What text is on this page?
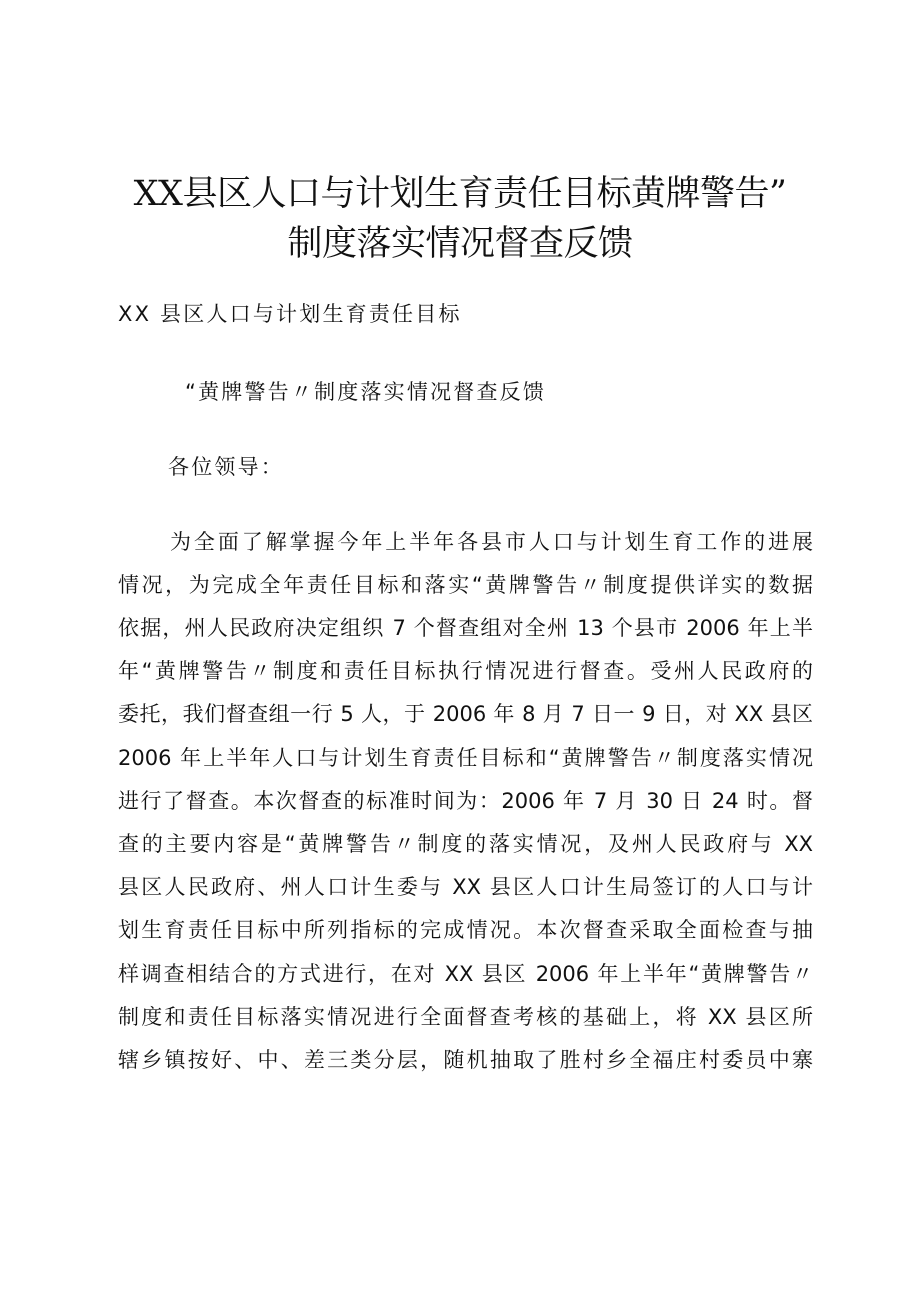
XX县区人口与计划生育责任目标黄牌警告”
制度落实情况督查反馈
XX 县区人口与计划生育责任目标
“黄牌警告〃制度落实情况督查反馈
各位领导：
为全面了解掌握今年上半年各县市人口与计划生育工作的进展
情况，为完成全年责任目标和落实“黄牌警告〃制度提供详实的数据
依据，州人民政府决定组织 7 个督查组对全州 13 个县市 2006 年上半
年“黄牌警告〃制度和责任目标执行情况进行督查。受州人民政府的
委托，我们督查组一行 5 人，于 2006 年 8 月 7 日一 9 日，对 XX 县区
2006 年上半年人口与计划生育责任目标和“黄牌警告〃制度落实情况
进行了督查。本次督查的标准时间为：2006 年 7 月 30 日 24 时。督
查的主要内容是“黄牌警告〃制度的落实情况，及州人民政府与 XX
县区人民政府、州人口计生委与 XX 县区人口计生局签订的人口与计
划生育责任目标中所列指标的完成情况。本次督查采取全面检查与抽
样调查相结合的方式进行，在对 XX 县区 2006 年上半年“黄牌警告〃
制度和责任目标落实情况进行全面督查考核的基础上，将 XX 县区所
辖乡镇按好、中、差三类分层，随机抽取了胜村乡全福庄村委员中寨
